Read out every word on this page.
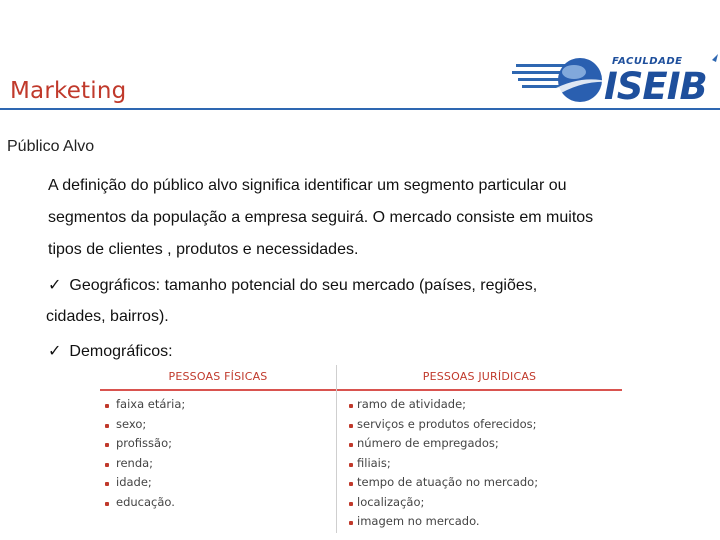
Marketing
FACULDADE
ISEIB
Público Alvo
A definição do público alvo significa identificar um segmento particular ou
segmentos da população a empresa seguirá. O mercado consiste em muitos
tipos de clientes , produtos e necessidades.
✓ Geográficos: tamanho potencial do seu mercado (países, regiões,
cidades, bairros).
✓ Demográficos:
PESSOAS FÍSICAS
faixa etária;
sexo;
profissão;
renda;
idade;
educação.
PESSOAS JURÍDICAS
ramo de atividade;
serviços e produtos oferecidos;
número de empregados;
filiais;
tempo de atuação no mercado;
localização;
imagem no mercado.
